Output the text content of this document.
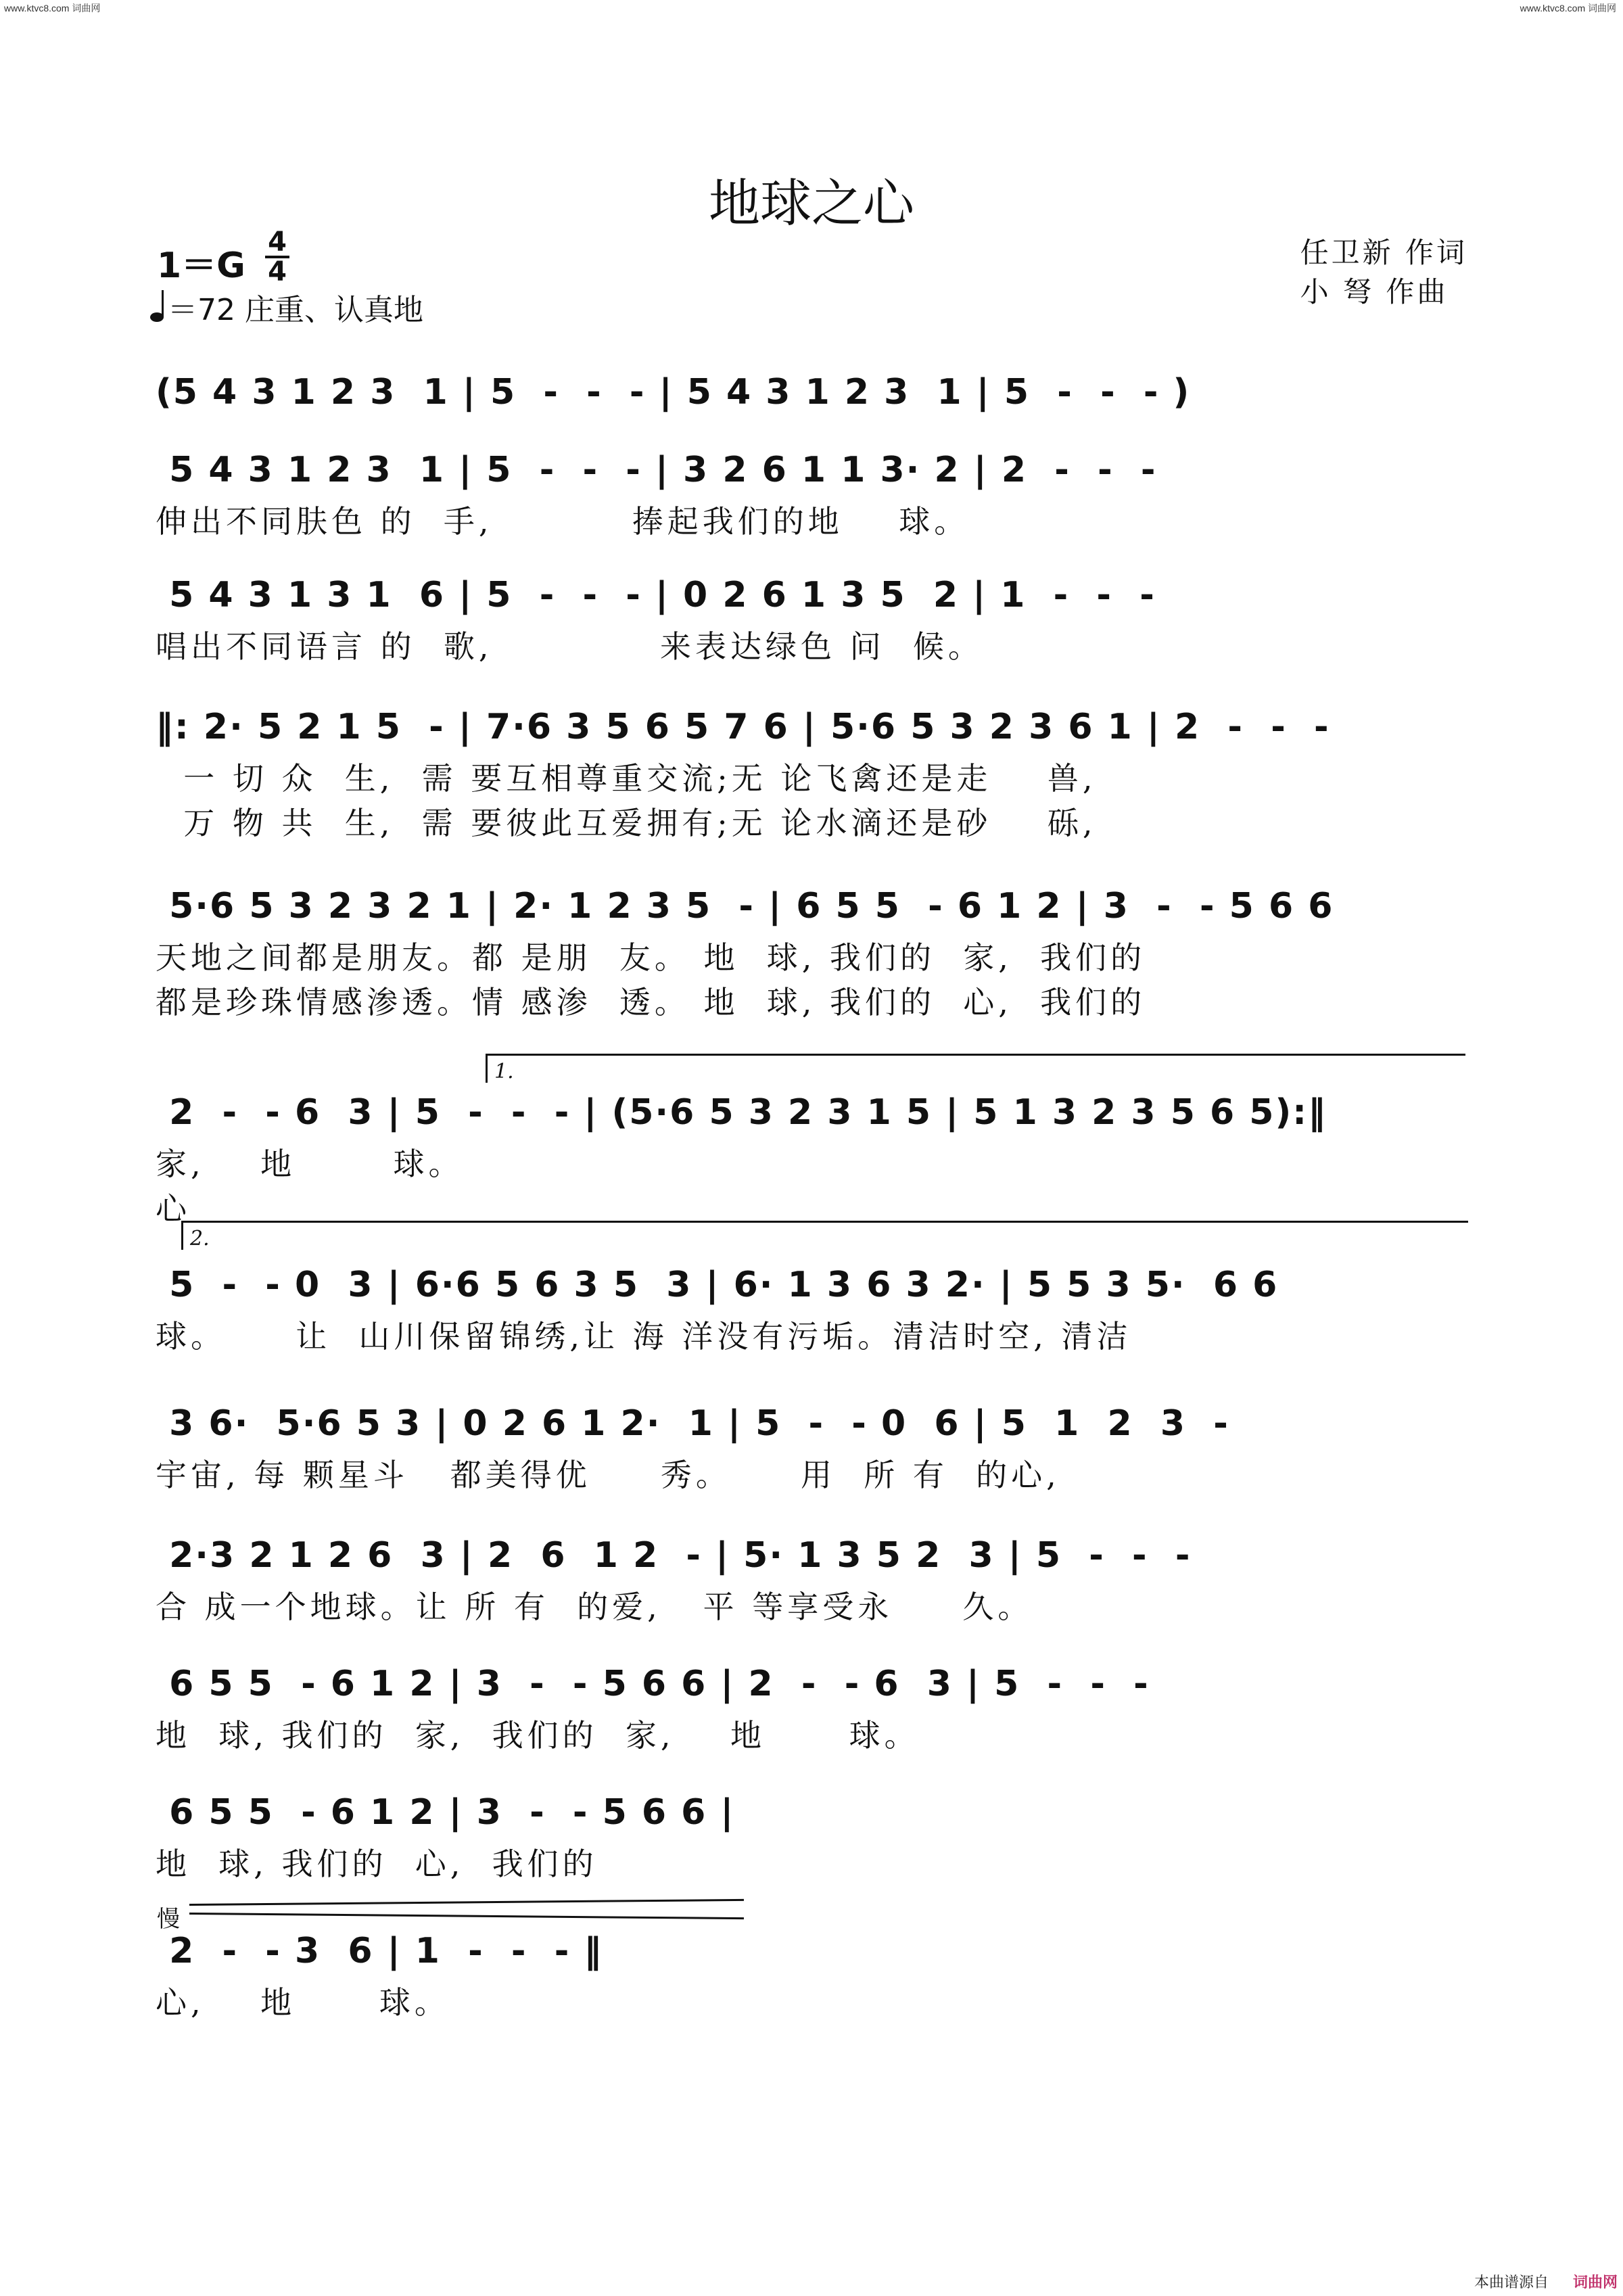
www.ktvc8.com 词曲网	www.ktvc8.com 词曲网
地球之心
1＝G
4
4
＝72 庄重、认真地
任卫新 作词
小 弩 作曲
(5 4 3 1 2 3  1 | 5  -  -  - | 5 4 3 1 2 3  1 | 5  -  -  - )
5 4 3 1 2 3  1 | 5  -  -  - | 3 2 6 1 1 3· 2 | 2  -  -  -
伸出不同肤色 的  手,          捧起我们的地    球。
5 4 3 1 3 1  6 | 5  -  -  - | 0 2 6 1 3 5  2 | 1  -  -  -
唱出不同语言 的  歌,            来表达绿色 问  候。
‖: 2· 5 2 1 5  - | 7·6 3 5 6 5 7 6 | 5·6 5 3 2 3 6 1 | 2  -  -  -
一 切 众  生,  需 要互相尊重交流;无 论飞禽还是走    兽,
万 物 共  生,  需 要彼此互爱拥有;无 论水滴还是砂    砾,
5·6 5 3 2 3 2 1 | 2· 1 2 3 5  - | 6 5 5  - 6 1 2 | 3  -  - 5 6 6
天地之间都是朋友。都 是朋  友。 地  球, 我们的  家,  我们的
都是珍珠情感渗透。情 感渗  透。 地  球, 我们的  心,  我们的
1.
2  -  - 6  3 | 5  -  -  - | (5·6 5 3 2 3 1 5 | 5 1 3 2 3 5 6 5):‖
家,    地       球。
心
2.
5  -  - 0  3 | 6·6 5 6 3 5  3 | 6· 1 3 6 3 2· | 5 5 3 5·  6 6
球。     让  山川保留锦绣,让 海 洋没有污垢。清洁时空, 清洁
3 6·  5·6 5 3 | 0 2 6 1 2·  1 | 5  -  - 0  6 | 5  1  2  3  -
宇宙, 每 颗星斗   都美得优     秀。     用  所 有  的心,
2·3 2 1 2 6  3 | 2  6  1 2  - | 5· 1 3 5 2  3 | 5  -  -  -
合 成一个地球。让 所 有  的爱,   平 等享受永     久。
6 5 5  - 6 1 2 | 3  -  - 5 6 6 | 2  -  - 6  3 | 5  -  -  -
地  球, 我们的  家,  我们的  家,    地      球。
6 5 5  - 6 1 2 | 3  -  - 5 6 6 |
地  球, 我们的  心,  我们的
慢
2  -  - 3  6 | 1  -  -  - ‖
心,    地      球。
本曲谱源自 词曲网
